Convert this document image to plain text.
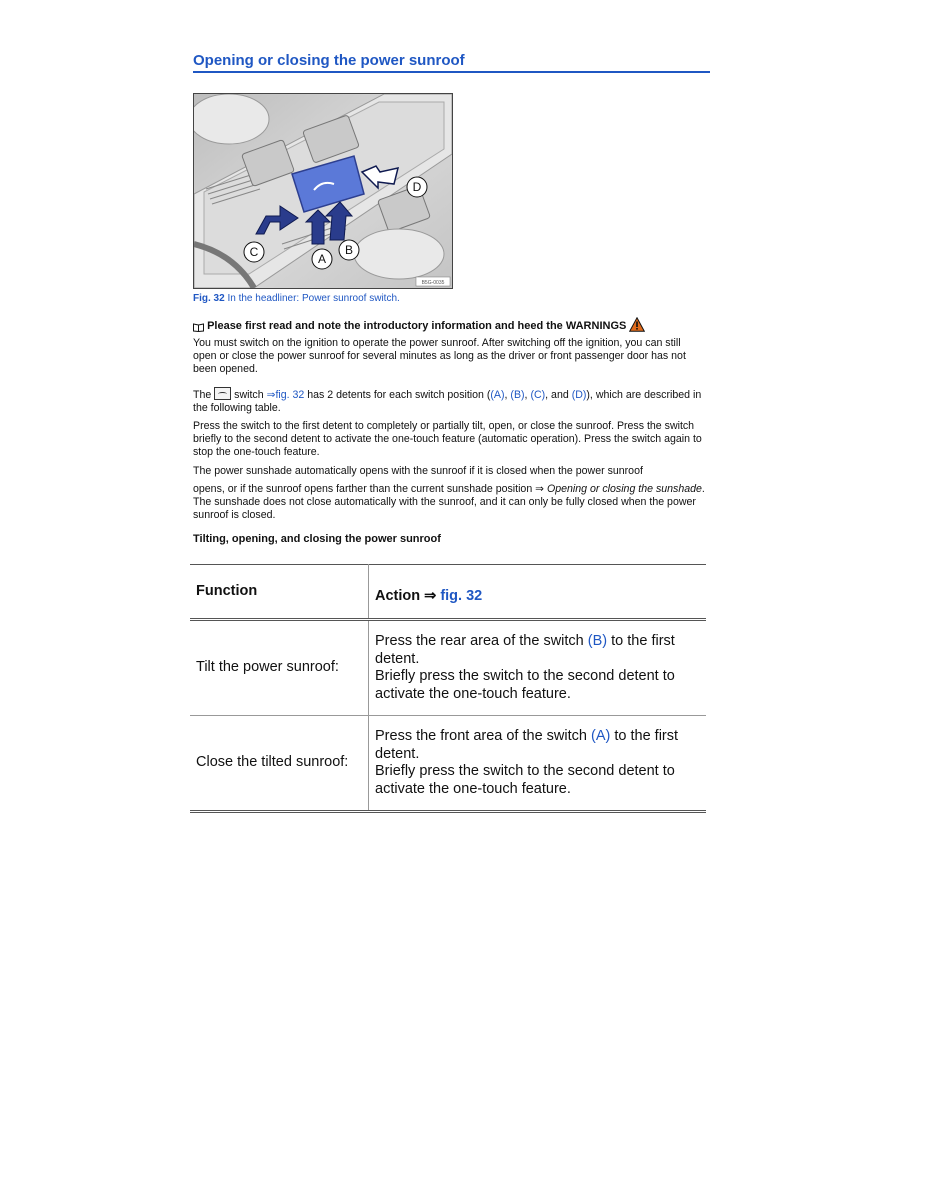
Opening or closing the power sunroof
A
B
C
D
B5G-0035
Fig. 32 In the headliner: Power sunroof switch.
Please first read and note the introductory information and heed the WARNINGS

You must switch on the ignition to operate the power sunroof. After switching off the ignition, you can still open or close the power sunroof for several minutes as long as the driver or front passenger door has not been opened.

The switch ⇒fig. 32 has 2 detents for each switch position ((A), (B), (C), and (D)), which are described in the following table.

Press the switch to the first detent to completely or partially tilt, open, or close the sunroof. Press the switch briefly to the second detent to activate the one-touch feature (automatic operation). Press the switch again to stop the one-touch feature.

The power sunshade automatically opens with the sunroof if it is closed when the power sunroof

opens, or if the sunroof opens farther than the current sunshade position ⇒ Opening or closing the sunshade. The sunshade does not close automatically with the sunroof, and it can only be fully closed when the power sunroof is closed.

Tilting, opening, and closing the power sunroof
Function	Action ⇒ fig. 32
Tilt the power sunroof:	Press the rear area of the switch (B) to the first detent.
Briefly press the switch to the second detent to activate the one-touch feature.
Close the tilted sunroof:	Press the front area of the switch (A) to the first detent.
Briefly press the switch to the second detent to activate the one-touch feature.
